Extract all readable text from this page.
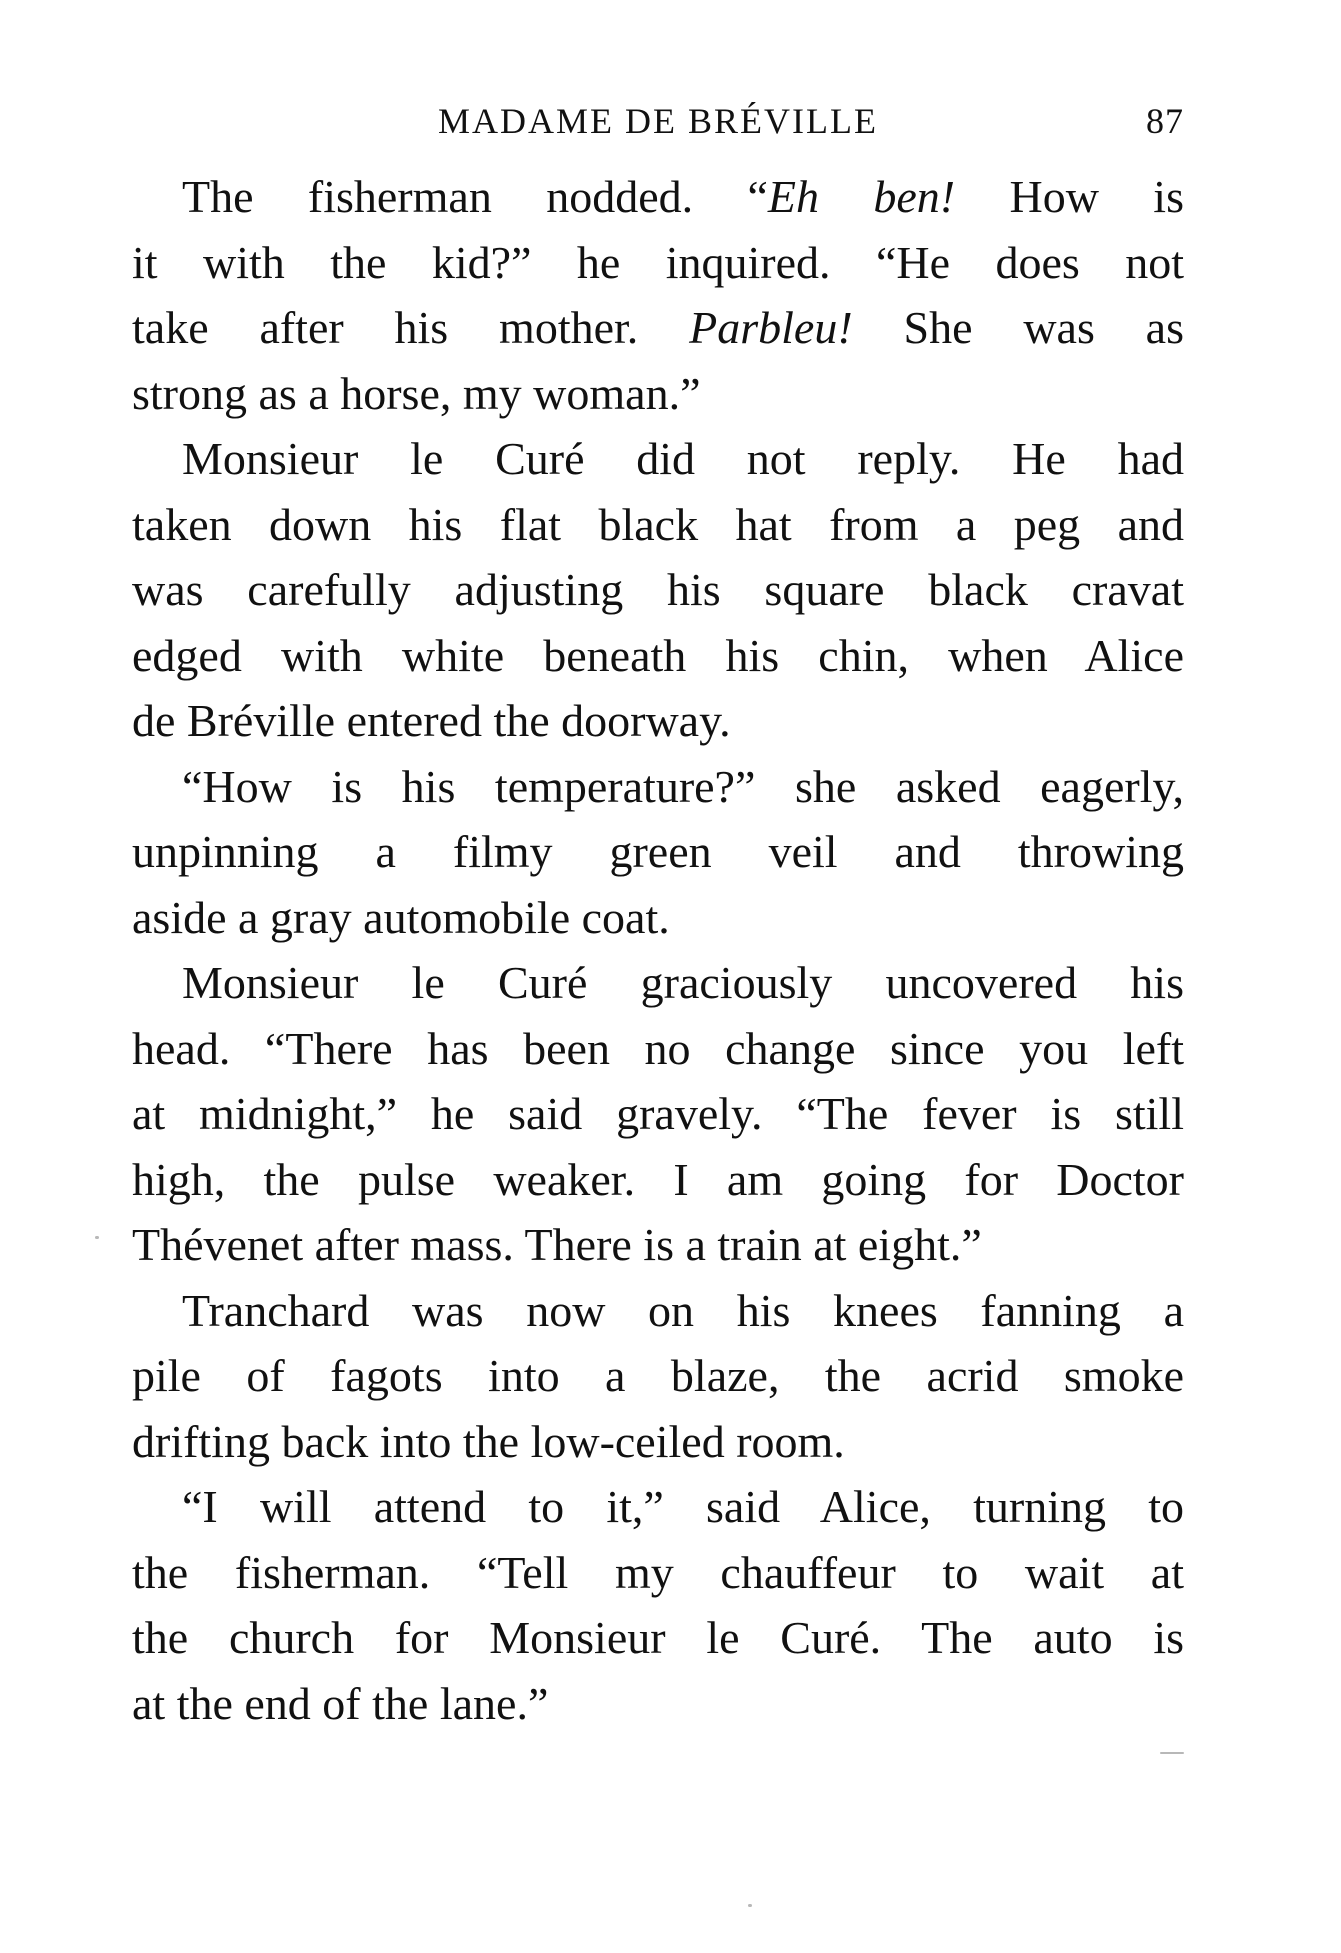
MADAME DE BRÉVILLE	87

The fisherman nodded. “Eh ben! How is
it with the kid?” he inquired. “He does not
take after his mother. Parbleu! She was as
strong as a horse, my woman.”

Monsieur le Curé did not reply. He had
taken down his flat black hat from a peg and
was carefully adjusting his square black cravat
edged with white beneath his chin, when Alice
de Bréville entered the doorway.

“How is his temperature?” she asked eagerly,
unpinning a filmy green veil and throwing
aside a gray automobile coat.

Monsieur le Curé graciously uncovered his
head. “There has been no change since you left
at midnight,” he said gravely. “The fever is still
high, the pulse weaker. I am going for Doctor
Thévenet after mass. There is a train at eight.”

Tranchard was now on his knees fanning a
pile of fagots into a blaze, the acrid smoke
drifting back into the low-ceiled room.

“I will attend to it,” said Alice, turning to
the fisherman. “Tell my chauffeur to wait at
the church for Monsieur le Curé. The auto is
at the end of the lane.”
